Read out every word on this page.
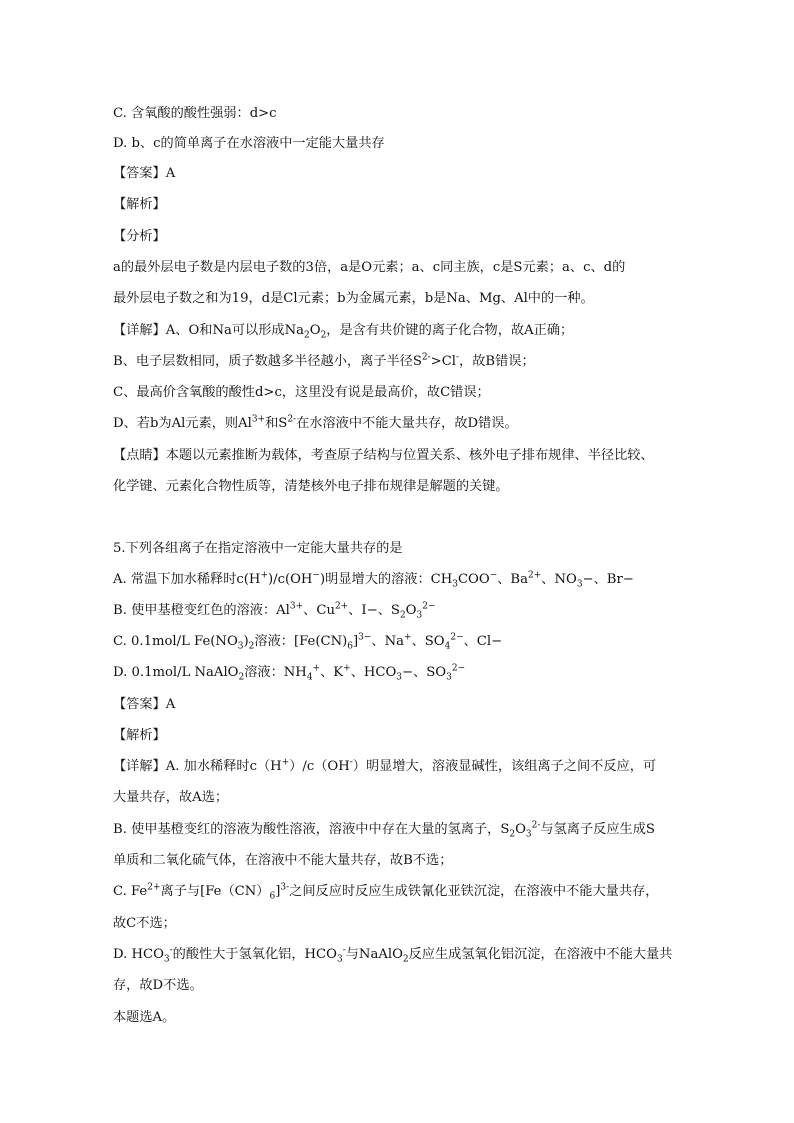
C. 含氧酸的酸性强弱：d>c
D. b、c的简单离子在水溶液中一定能大量共存
【答案】A
【解析】
【分析】
a的最外层电子数是内层电子数的3倍，a是O元素；a、c同主族，c是S元素；a、c、d的
最外层电子数之和为19，d是Cl元素；b为金属元素，b是Na、Mg、Al中的一种。
【详解】A、O和Na可以形成$Na_2O_2$，是含有共价键的离子化合物，故A正确；
B、电子层数相同，质子数越多半径越小，离子半径$S^{2-}>Cl^-$，故B错误；
C、最高价含氧酸的酸性d>c，这里没有说是最高价，故C错误；
D、若b为Al元素，则$Al^{3+}$和$S^{2-}$在水溶液中不能大量共存，故D错误。
【点睛】本题以元素推断为载体，考查原子结构与位置关系、核外电子排布规律、半径比较、
化学键、元素化合物性质等，清楚核外电子排布规律是解题的关键。
5.下列各组离子在指定溶液中一定能大量共存的是
A. 常温下加水稀释时c(H+)/c(OH−)明显增大的溶液：$CH_3COO^-$、$Ba^{2+}$、$NO_3-$、Br−
B. 使甲基橙变红色的溶液：$Al^{3+}$、$Cu^{2+}$、I−、$S_2O_3^{2-}$
C. 0.1mol/L $Fe(NO_3)_2$溶液：$[Fe(CN)_6]^{3-}$、Na+、$SO_4^{2-}$、Cl−
D. 0.1mol/L NaAlO$_2$溶液：$NH_4^+$、K+、$HCO_3-$、$SO_3^{2-}$
【答案】A
【解析】
【详解】A. 加水稀释时c（H+）/c（OH-）明显增大，溶液显碱性，该组离子之间不反应，可
大量共存，故A选；
B. 使甲基橙变红的溶液为酸性溶液，溶液中中存在大量的氢离子，$S_2O_3^{2-}$与氢离子反应生成S
单质和二氧化硫气体，在溶液中不能大量共存，故B不选；
C. $Fe^{2+}$离子与$[Fe(CN)_6]^{3-}$之间反应时反应生成铁氰化亚铁沉淀，在溶液中不能大量共存，
故C不选；
D. $HCO_3^-$的酸性大于氢氧化铝，$HCO_3^-$与NaAlO$_2$反应生成氢氧化铝沉淀，在溶液中不能大量共
存，故D不选。
本题选A。
